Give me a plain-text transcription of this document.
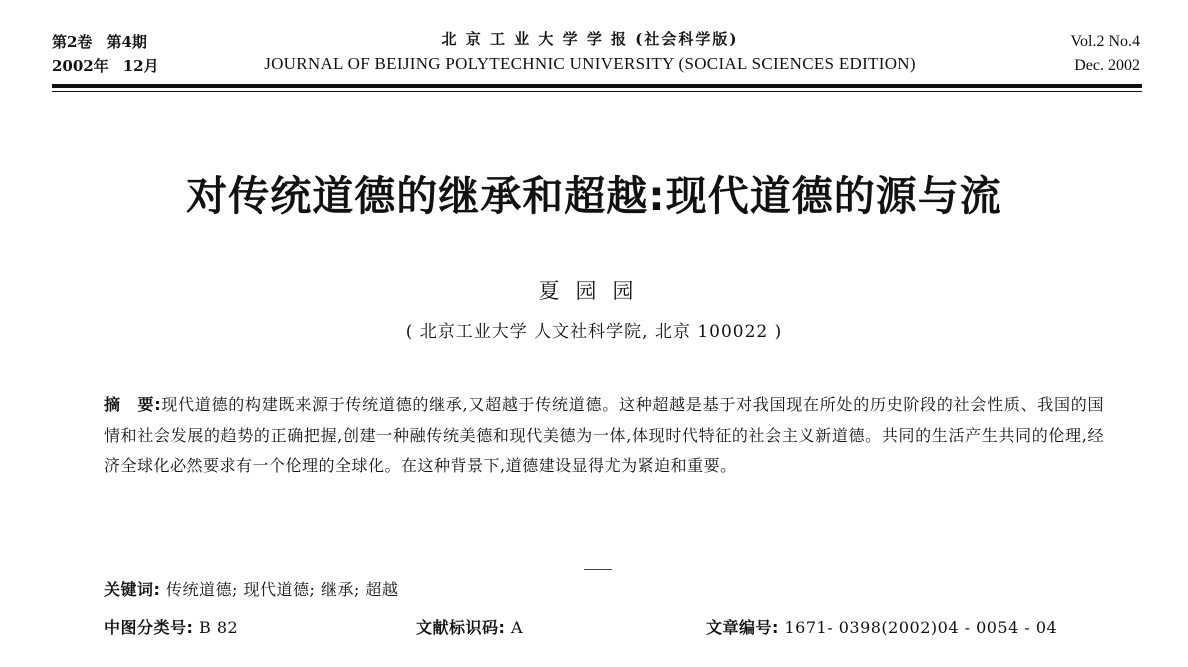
第2卷 第4期
2002年 12月
北 京 工 业 大 学 学 报 (社会科学版)
JOURNAL OF BEIJING POLYTECHNIC UNIVERSITY (SOCIAL SCIENCES EDITION)
Vol.2 No.4
Dec. 2002
对传统道德的继承和超越:现代道德的源与流
夏园园
( 北京工业大学 人文社科学院, 北京 100022 )
摘　要:现代道德的构建既来源于传统道德的继承,又超越于传统道德。这种超越是基于对我国现在所处的历史阶段的社会性质、我国的国情和社会发展的趋势的正确把握,创建一种融传统美德和现代美德为一体,体现时代特征的社会主义新道德。共同的生活产生共同的伦理,经济全球化必然要求有一个伦理的全球化。在这种背景下,道德建设显得尤为紧迫和重要。
关键词: 传统道德; 现代道德; 继承; 超越
中图分类号: B 82	文献标识码: A	文章编号: 1671- 0398(2002)04 - 0054 - 04
